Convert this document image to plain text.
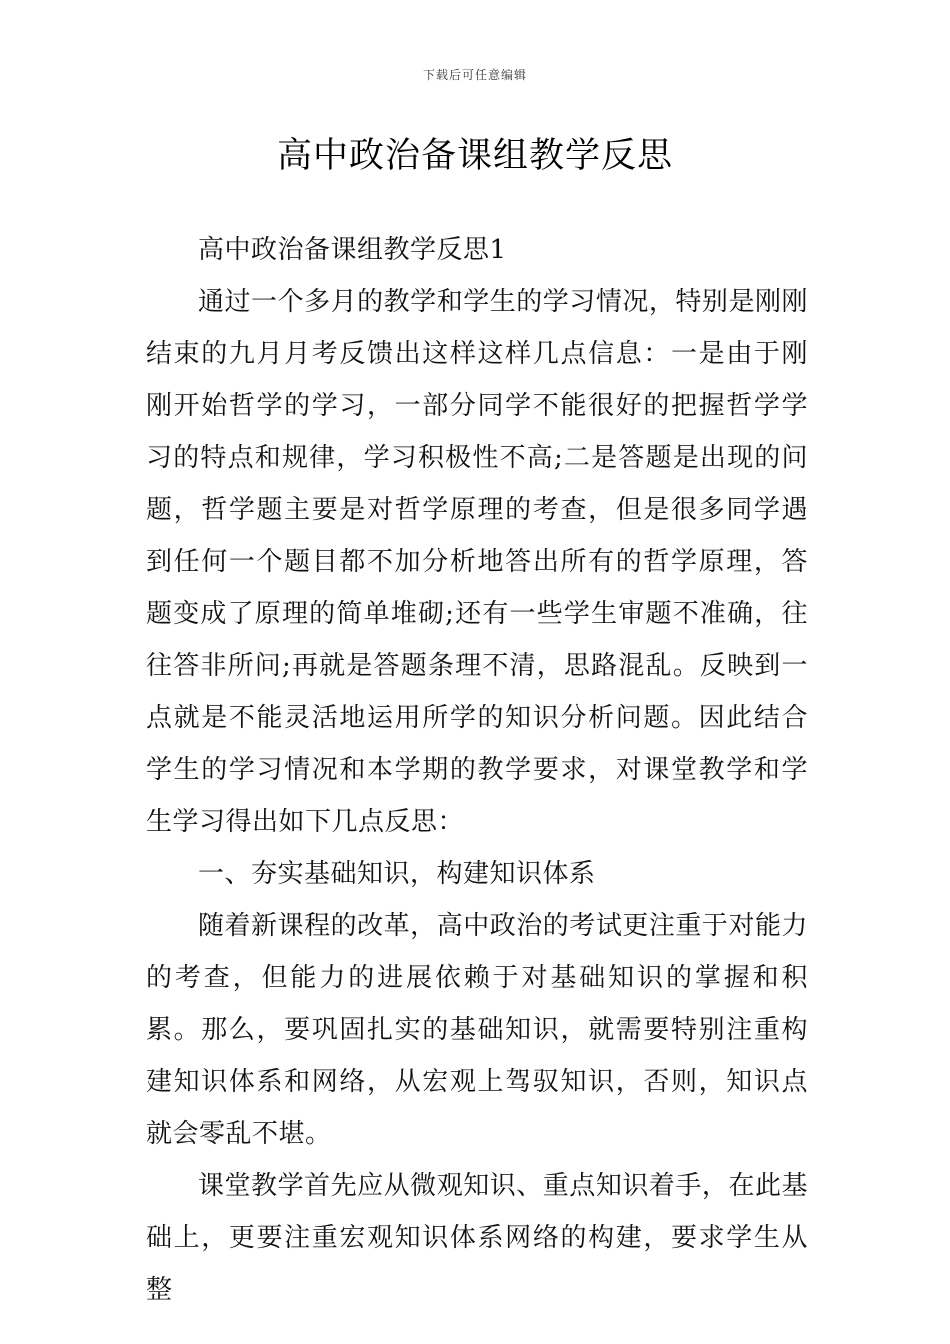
下载后可任意编辑
高中政治备课组教学反思

高中政治备课组教学反思1

通过一个多月的教学和学生的学习情况，特别是刚刚结束的九月月考反馈出这样这样几点信息：一是由于刚刚开始哲学的学习，一部分同学不能很好的把握哲学学习的特点和规律，学习积极性不高;二是答题是出现的问题，哲学题主要是对哲学原理的考查，但是很多同学遇到任何一个题目都不加分析地答出所有的哲学原理，答题变成了原理的简单堆砌;还有一些学生审题不准确，往往答非所问;再就是答题条理不清，思路混乱。反映到一点就是不能灵活地运用所学的知识分析问题。因此结合学生的学习情况和本学期的教学要求，对课堂教学和学生学习得出如下几点反思：

一、夯实基础知识，构建知识体系

随着新课程的改革，高中政治的考试更注重于对能力的考查，但能力的进展依赖于对基础知识的掌握和积累。那么，要巩固扎实的基础知识，就需要特别注重构建知识体系和网络，从宏观上驾驭知识，否则，知识点就会零乱不堪。

课堂教学首先应从微观知识、重点知识着手，在此基础上，更要注重宏观知识体系网络的构建，要求学生从整
